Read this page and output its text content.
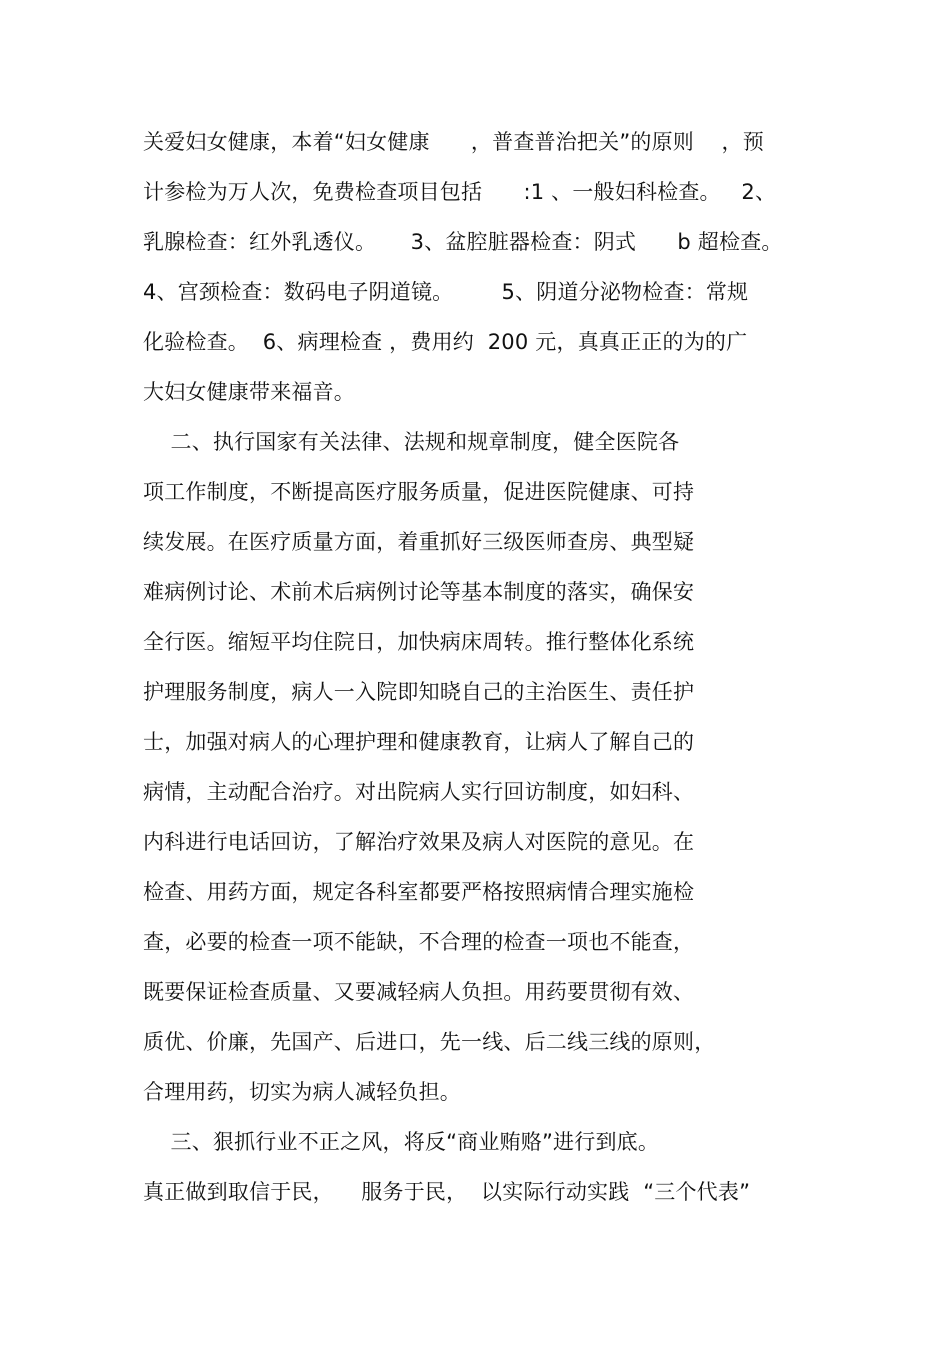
关爱妇女健康，本着“妇女健康      ，普查普治把关”的原则    ，预
计参检为万人次，免费检查项目包括      :1 、一般妇科检查。   2、
乳腺检查：红外乳透仪。     3、盆腔脏器检查：阴式      b 超检查。
4、宫颈检查：数码电子阴道镜。       5、阴道分泌物检查：常规
化验检查。  6、病理检查 ，费用约  200 元，真真正正的为的广
大妇女健康带来福音。
二、执行国家有关法律、法规和规章制度，健全医院各
项工作制度，不断提高医疗服务质量，促进医院健康、可持
续发展。在医疗质量方面，着重抓好三级医师查房、典型疑
难病例讨论、术前术后病例讨论等基本制度的落实，确保安
全行医。缩短平均住院日，加快病床周转。推行整体化系统
护理服务制度，病人一入院即知晓自己的主治医生、责任护
士，加强对病人的心理护理和健康教育，让病人了解自己的
病情，主动配合治疗。对出院病人实行回访制度，如妇科、
内科进行电话回访，了解治疗效果及病人对医院的意见。在
检查、用药方面，规定各科室都要严格按照病情合理实施检
查，必要的检查一项不能缺，不合理的检查一项也不能查，
既要保证检查质量、又要减轻病人负担。用药要贯彻有效、
质优、价廉，先国产、后进口，先一线、后二线三线的原则，
合理用药，切实为病人减轻负担。
三、狠抓行业不正之风，将反“商业贿赂”进行到底。
真正做到取信于民，    服务于民，  以实际行动实践  “三个代表”
